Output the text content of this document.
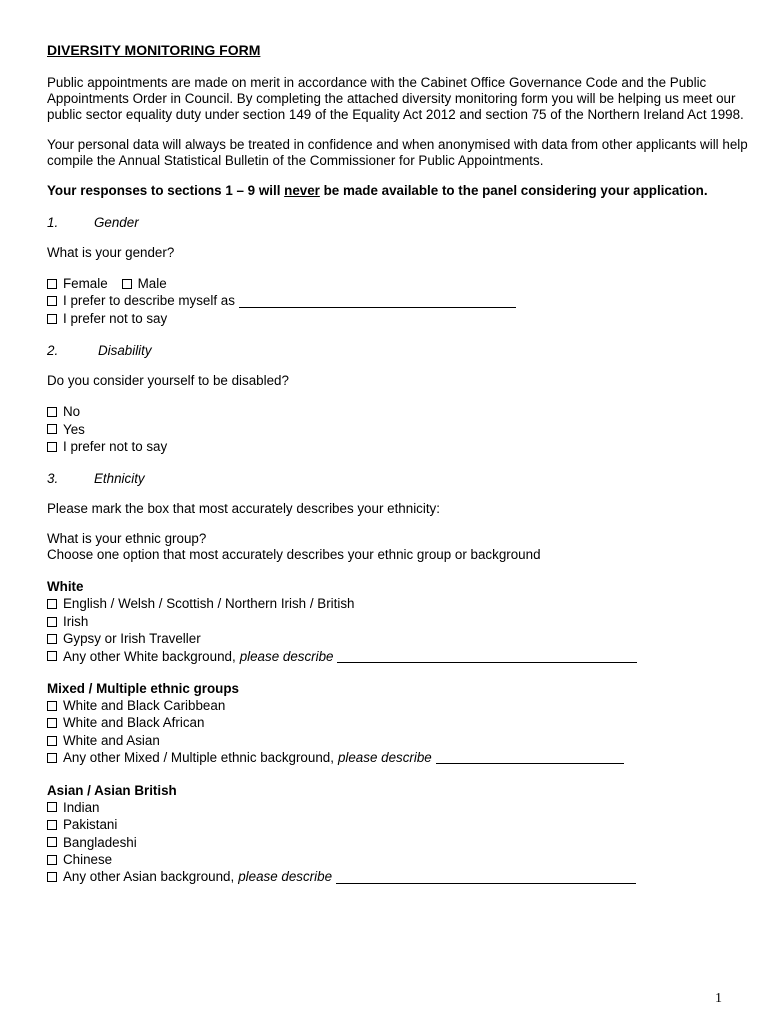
DIVERSITY MONITORING FORM
Public appointments are made on merit in accordance with the Cabinet Office Governance Code and the Public Appointments Order in Council. By completing the attached diversity monitoring form you will be helping us meet our public sector equality duty under section 149 of the Equality Act 2012 and section 75 of the Northern Ireland Act 1998.
Your personal data will always be treated in confidence and when anonymised with data from other applicants will help compile the Annual Statistical Bulletin of the Commissioner for Public Appointments.
Your responses to sections 1 – 9 will never be made available to the panel considering your application.
1.	Gender
What is your gender?
Female Male
I prefer to describe myself as
I prefer not to say
2.	Disability
Do you consider yourself to be disabled?
No
Yes
I prefer not to say
3.	Ethnicity
Please mark the box that most accurately describes your ethnicity:
What is your ethnic group?
Choose one option that most accurately describes your ethnic group or background
White
English / Welsh / Scottish / Northern Irish / British
Irish
Gypsy or Irish Traveller
Any other White background, please describe
Mixed / Multiple ethnic groups
White and Black Caribbean
White and Black African
White and Asian
Any other Mixed / Multiple ethnic background, please describe
Asian / Asian British
Indian
Pakistani
Bangladeshi
Chinese
Any other Asian background, please describe
1
